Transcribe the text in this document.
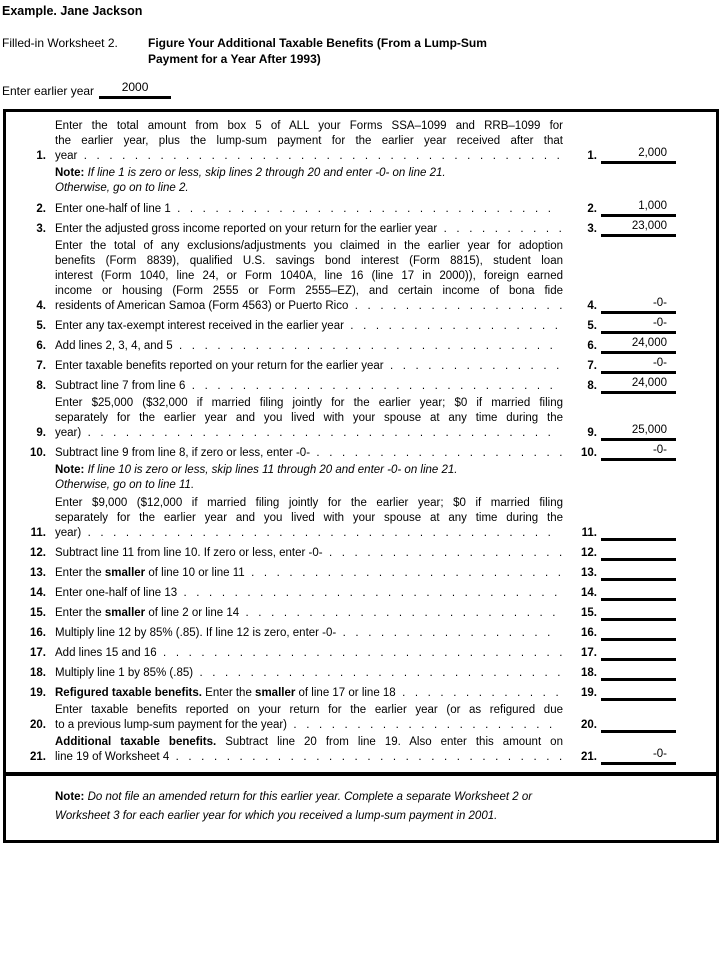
Example. Jane Jackson
Filled-in Worksheet 2.	Figure Your Additional Taxable Benefits (From a Lump-Sum
Payment for a Year After 1993)
Enter earlier year 2000
1.
Enter the total amount from box 5 of ALL your Forms SSA–1099 and RRB–1099 for
the earlier year, plus the lump-sum payment for the earlier year received after that
year  .   .   .   .   .   .   .   .   .   .   .   .   .   .   .   .   .   .   .   .   .   .   .   .   .   .   .   .   .   .   .   .   .   .   .   .   .   .	1.	2,000
Note: If line 1 is zero or less, skip lines 2 through 20 and enter -0- on line 21.
Otherwise, go on to line 2.
2. Enter one-half of line 1  .   .   .   .   .   .   .   .   .   .   .   .   .   .   .   .   .   .   .   .   .   .   .   .   .   .   .   .   .   .	2.	1,000
3. Enter the adjusted gross income reported on your return for the earlier year  .   .   .   .   .   .   .   .   .   .	3.	23,000
4.
Enter the total of any exclusions/adjustments you claimed in the earlier year for adoption
benefits (Form 8839), qualified U.S. savings bond interest (Form 8815), student loan
interest (Form 1040, line 24, or Form 1040A, line 16 (line 17 in 2000)), foreign earned
income or housing (Form 2555 or Form 2555–EZ), and certain income of bona fide
residents of American Samoa (Form 4563) or Puerto Rico  .   .   .   .   .   .   .   .   .   .   .   .   .   .   .   .   .	4.	-0-
5. Enter any tax-exempt interest received in the earlier year  .   .   .   .   .   .   .   .   .   .   .   .   .   .   .   .   .	5.	-0-
6. Add lines 2, 3, 4, and 5  .   .   .   .   .   .   .   .   .   .   .   .   .   .   .   .   .   .   .   .   .   .   .   .   .   .   .   .   .   .	6.	24,000
7. Enter taxable benefits reported on your return for the earlier year  .   .   .   .   .   .   .   .   .   .   .   .   .   .	7.	-0-
8. Subtract line 7 from line 6  .   .   .   .   .   .   .   .   .   .   .   .   .   .   .   .   .   .   .   .   .   .   .   .   .   .   .   .   .	8.	24,000
9.
Enter $25,000 ($32,000 if married filing jointly for the earlier year; $0 if married filing
separately for the earlier year and you lived with your spouse at any time during the
year)  .   .   .   .   .   .   .   .   .   .   .   .   .   .   .   .   .   .   .   .   .   .   .   .   .   .   .   .   .   .   .   .   .   .   .   .   .	9.	25,000
10. Subtract line 9 from line 8, if zero or less, enter -0-  .   .   .   .   .   .   .   .   .   .   .   .   .   .   .   .   .   .   .   .	10.	-0-
Note: If line 10 is zero or less, skip lines 11 through 20 and enter -0- on line 21.
Otherwise, go on to line 11.
11.
Enter $9,000 ($12,000 if married filing jointly for the earlier year; $0 if married filing
separately for the earlier year and you lived with your spouse at any time during the
year)  .   .   .   .   .   .   .   .   .   .   .   .   .   .   .   .   .   .   .   .   .   .   .   .   .   .   .   .   .   .   .   .   .   .   .   .   .	11.
12. Subtract line 11 from line 10. If zero or less, enter -0-  .   .   .   .   .   .   .   .   .   .   .   .   .   .   .   .   .   .   .	12.
13. Enter the smaller of line 10 or line 11  .   .   .   .   .   .   .   .   .   .   .   .   .   .   .   .   .   .   .   .   .   .   .   .   .	13.
14. Enter one-half of line 13  .   .   .   .   .   .   .   .   .   .   .   .   .   .   .   .   .   .   .   .   .   .   .   .   .   .   .   .   .   .	14.
15. Enter the smaller of line 2 or line 14  .   .   .   .   .   .   .   .   .   .   .   .   .   .   .   .   .   .   .   .   .   .   .   .   .	15.
16. Multiply line 12 by 85% (.85). If line 12 is zero, enter -0-  .   .   .   .   .   .   .   .   .   .   .   .   .   .   .   .   .	16.
17. Add lines 15 and 16  .   .   .   .   .   .   .   .   .   .   .   .   .   .   .   .   .   .   .   .   .   .   .   .   .   .   .   .   .   .   .   .	17.
18. Multiply line 1 by 85% (.85)  .   .   .   .   .   .   .   .   .   .   .   .   .   .   .   .   .   .   .   .   .   .   .   .   .   .   .   .   .	18.
19. Refigured taxable benefits. Enter the smaller of line 17 or line 18  .   .   .   .   .   .   .   .   .   .   .   .   .	19.
20.
Enter taxable benefits reported on your return for the earlier year (or as refigured due
to a previous lump-sum payment for the year)  .   .   .   .   .   .   .   .   .   .   .   .   .   .   .   .   .   .   .   .   .	20.
21.
Additional taxable benefits. Subtract line 20 from line 19. Also enter this amount on
line 19 of Worksheet 4  .   .   .   .   .   .   .   .   .   .   .   .   .   .   .   .   .   .   .   .   .   .   .   .   .   .   .   .   .   .   .	21.	-0-
Note: Do not file an amended return for this earlier year. Complete a separate Worksheet 2 or
Worksheet 3 for each earlier year for which you received a lump-sum payment in 2001.
